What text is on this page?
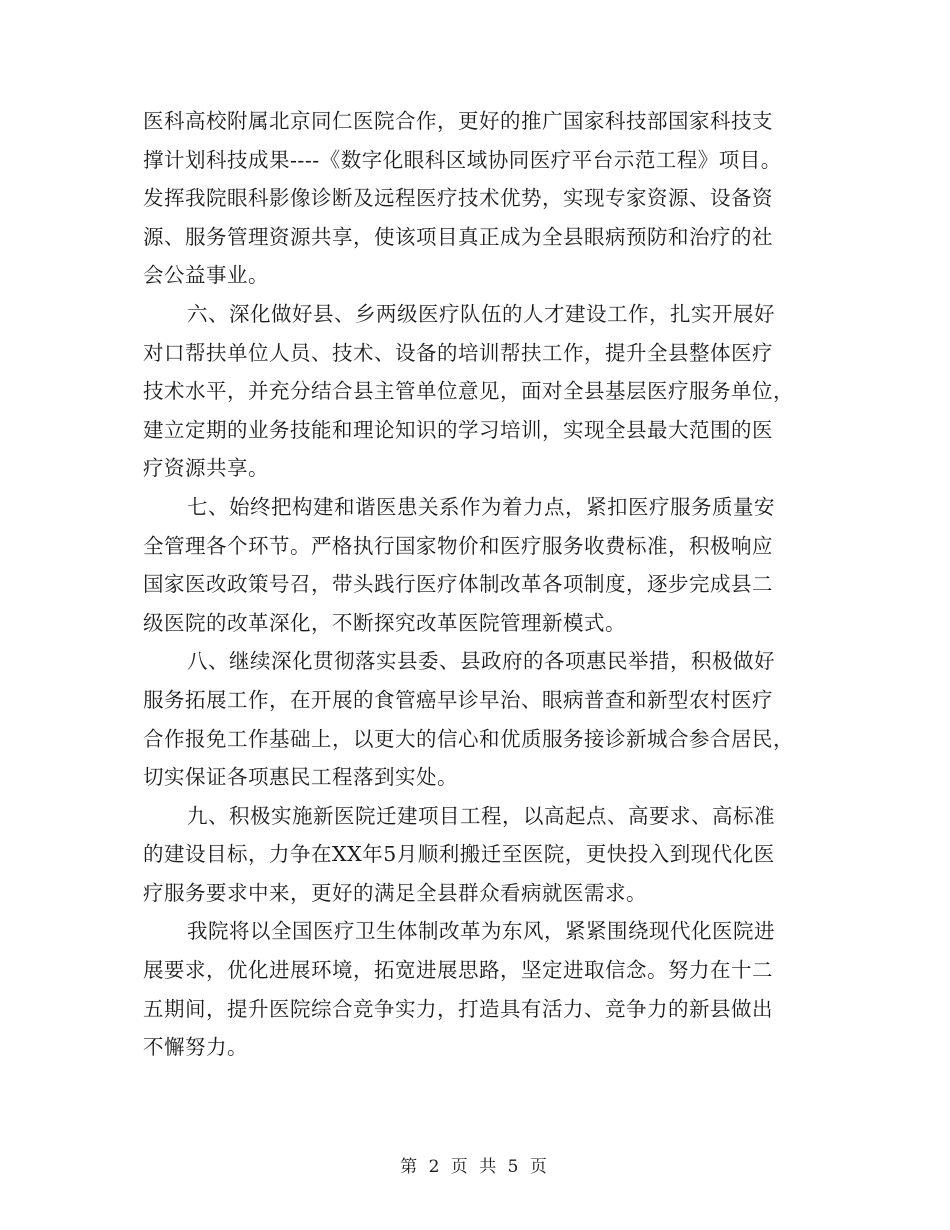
医科高校附属北京同仁医院合作，更好的推广国家科技部国家科技支
撑计划科技成果----《数字化眼科区域协同医疗平台示范工程》项目。
发挥我院眼科影像诊断及远程医疗技术优势，实现专家资源、设备资
源、服务管理资源共享，使该项目真正成为全县眼病预防和治疗的社
会公益事业。
六、深化做好县、乡两级医疗队伍的人才建设工作，扎实开展好
对口帮扶单位人员、技术、设备的培训帮扶工作，提升全县整体医疗
技术水平，并充分结合县主管单位意见，面对全县基层医疗服务单位，
建立定期的业务技能和理论知识的学习培训，实现全县最大范围的医
疗资源共享。
七、始终把构建和谐医患关系作为着力点，紧扣医疗服务质量安
全管理各个环节。严格执行国家物价和医疗服务收费标准，积极响应
国家医改政策号召，带头践行医疗体制改革各项制度，逐步完成县二
级医院的改革深化，不断探究改革医院管理新模式。
八、继续深化贯彻落实县委、县政府的各项惠民举措，积极做好
服务拓展工作，在开展的食管癌早诊早治、眼病普查和新型农村医疗
合作报免工作基础上，以更大的信心和优质服务接诊新城合参合居民，
切实保证各项惠民工程落到实处。
九、积极实施新医院迁建项目工程，以高起点、高要求、高标准
的建设目标，力争在XX年5月顺利搬迁至医院，更快投入到现代化医
疗服务要求中来，更好的满足全县群众看病就医需求。
我院将以全国医疗卫生体制改革为东风，紧紧围绕现代化医院进
展要求，优化进展环境，拓宽进展思路，坚定进取信念。努力在十二
五期间，提升医院综合竞争实力，打造具有活力、竞争力的新县做出
不懈努力。
第 2 页 共 5 页
